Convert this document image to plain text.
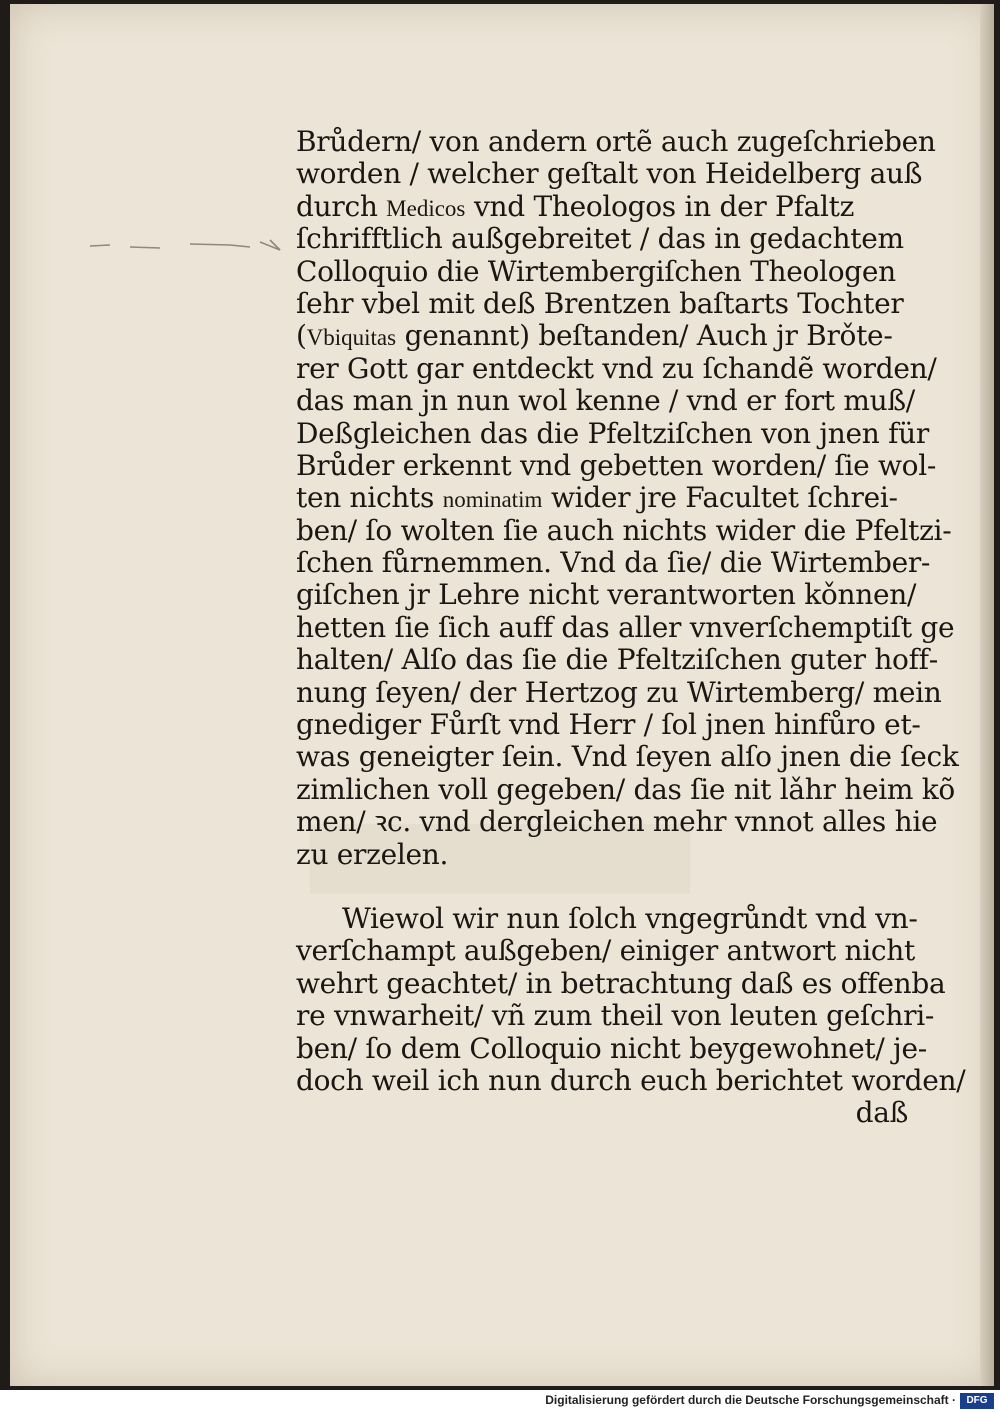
Brůdern/ von andern ortẽ auch zugeſchrieben
worden / welcher geſtalt von Heidelberg auß
durch Medicos vnd Theologos in der Pfaltz
ſchrifftlich außgebreitet / das in gedachtem
Colloquio die Wirtembergiſchen Theologen
ſehr vbel mit deß Brentzen baſtarts Tochter
(Vbiquitas genannt) beſtanden/ Auch jr Brǒte‑
rer Gott gar entdeckt vnd zu ſchandẽ worden/
das man jn nun wol kenne / vnd er fort muß/
Deßgleichen das die Pfeltziſchen von jnen für
Brůder erkennt vnd gebetten worden/ ſie wol‑
ten nichts nominatim wider jre Facultet ſchrei‑
ben/ ſo wolten ſie auch nichts wider die Pfeltzi‑
ſchen fůrnemmen. Vnd da ſie/ die Wirtember‑
giſchen jr Lehre nicht verantworten kǒnnen/
hetten ſie ſich auff das aller vnverſchemptiſt ge
halten/ Alſo das ſie die Pfeltziſchen guter hoff‑
nung ſeyen/ der Hertzog zu Wirtemberg/ mein
gnediger Fůrſt vnd Herr / ſol jnen hinfůro et‑
was geneigter ſein. Vnd ſeyen alſo jnen die ſeck
zimlichen voll gegeben/ das ſie nit lǎhr heim kõ
men/ ꝛc. vnd dergleichen mehr vnnot alles hie
zu erzelen.
Wiewol wir nun ſolch vngegrůndt vnd vn‑
verſchampt außgeben/ einiger antwort nicht
wehrt geachtet/ in betrachtung daß es offenba
re vnwarheit/ vñ zum theil von leuten geſchri‑
ben/ ſo dem Colloquio nicht beygewohnet/ je‑
doch weil ich nun durch euch berichtet worden/
daß
Digitalisierung gefördert durch die Deutsche Forschungsgemeinschaft ·	DFG
